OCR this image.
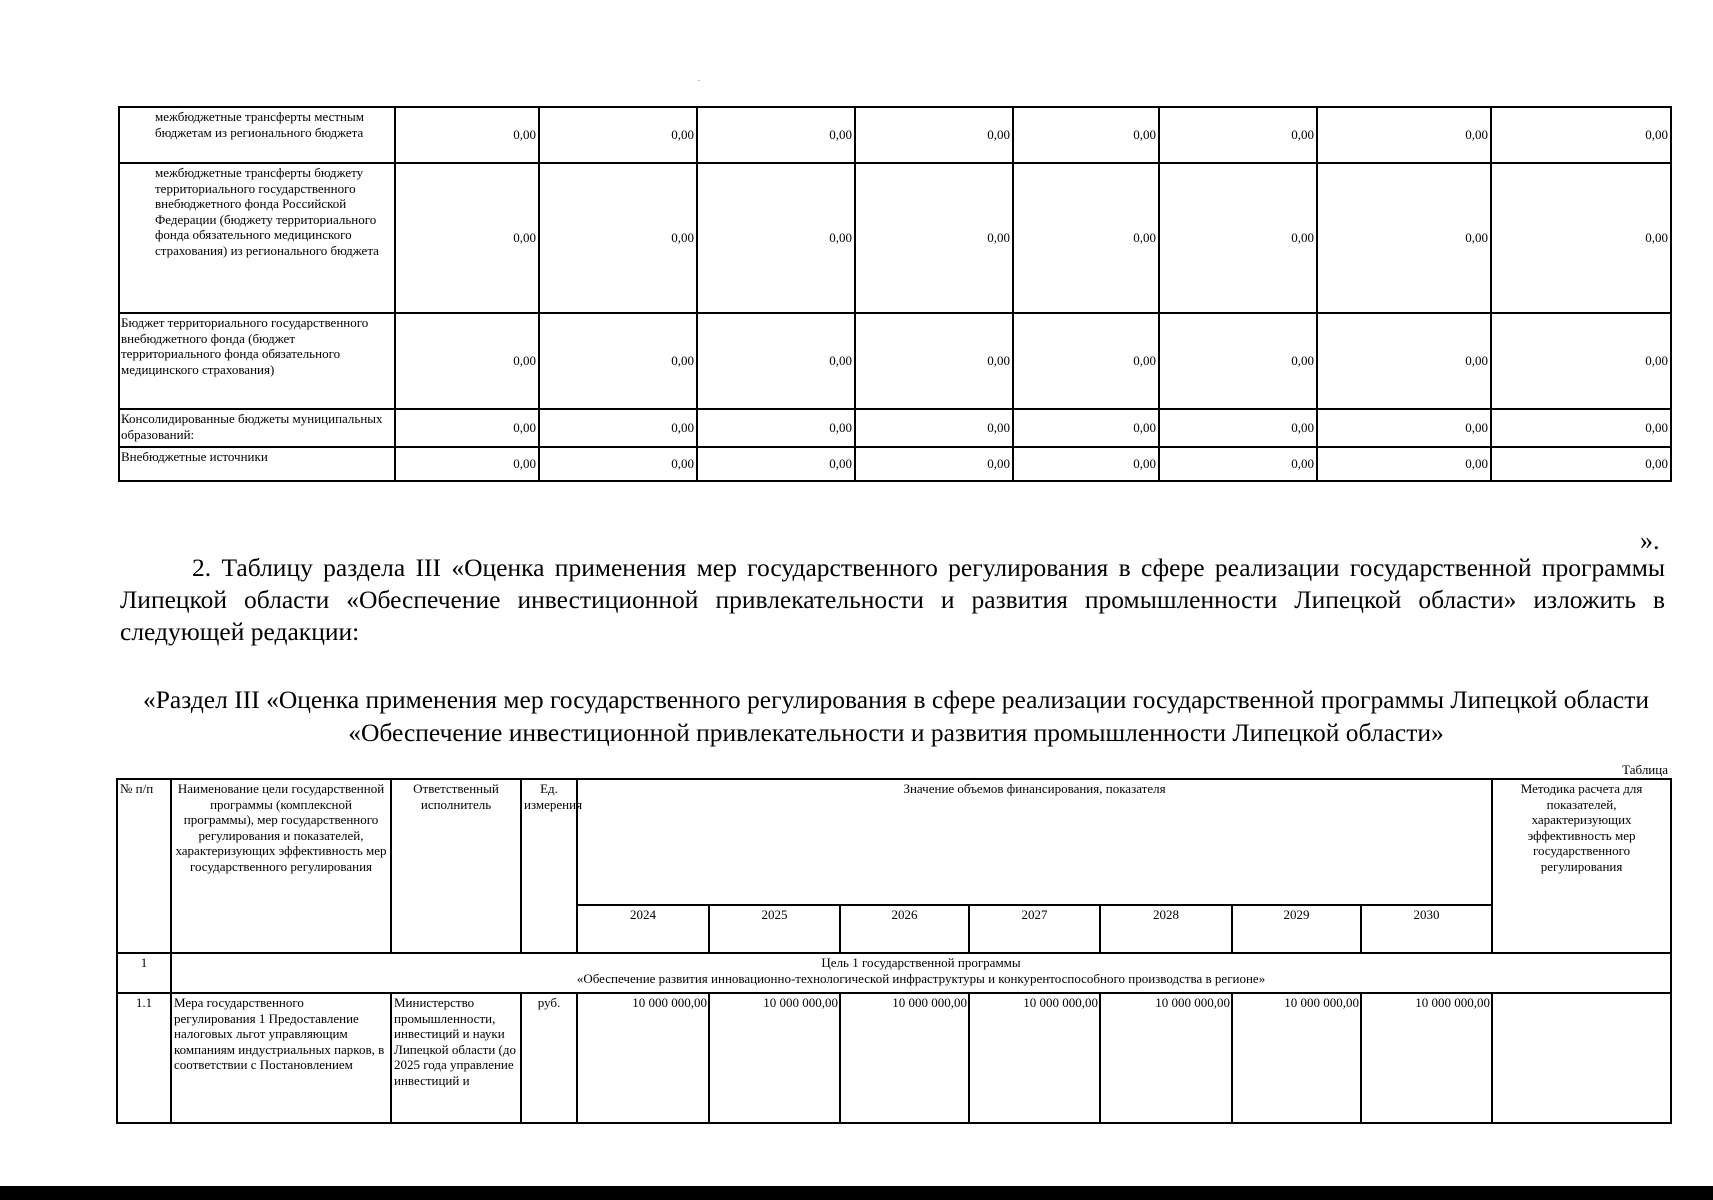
межбюджетные трансферты местным бюджетам из регионального бюджета	0,00	0,00	0,00	0,00	0,00	0,00	0,00	0,00
межбюджетные трансферты бюджету территориального государственного внебюджетного фонда Российской Федерации (бюджету территориального фонда обязательного медицинского страхования) из регионального бюджета	0,00	0,00	0,00	0,00	0,00	0,00	0,00	0,00
Бюджет территориального государственного внебюджетного фонда (бюджет территориального фонда обязательного медицинского страхования)	0,00	0,00	0,00	0,00	0,00	0,00	0,00	0,00
Консолидированные бюджеты муниципальных образований:	0,00	0,00	0,00	0,00	0,00	0,00	0,00	0,00
Внебюджетные источники	0,00	0,00	0,00	0,00	0,00	0,00	0,00	0,00
».
2. Таблицу раздела III «Оценка применения мер государственного регулирования в сфере реализации государственной программы Липецкой области «Обеспечение инвестиционной привлекательности и развития промышленности Липецкой области» изложить в следующей редакции:
«Раздел III «Оценка применения мер государственного регулирования в сфере реализации государственной программы Липецкой области «Обеспечение инвестиционной привлекательности и развития промышленности Липецкой области»
Таблица
№ п/п	Наименование цели государственной программы (комплексной программы), мер государственного регулирования и показателей, характеризующих эффективность мер государственного регулирования	Ответственный исполнитель	Ед. измерения	Значение объемов финансирования, показателя							Методика расчета для показателей, характеризующих эффективность мер государственного регулирования
				2024	2025	2026	2027	2028	2029	2030	
1	Цель 1 государственной программы
«Обеспечение развития инновационно-технологической инфраструктуры и конкурентоспособного производства в регионе»										

1.1	Мера государственного регулирования 1 Предоставление налоговых льгот управляющим компаниям индустриальных парков, в соответствии с Постановлением	Министерство промышленности, инвестиций и науки Липецкой области (до 2025 года управление инвестиций и	руб.	10 000 000,00	10 000 000,00	10 000 000,00	10 000 000,00	10 000 000,00	10 000 000,00	10 000 000,00	
